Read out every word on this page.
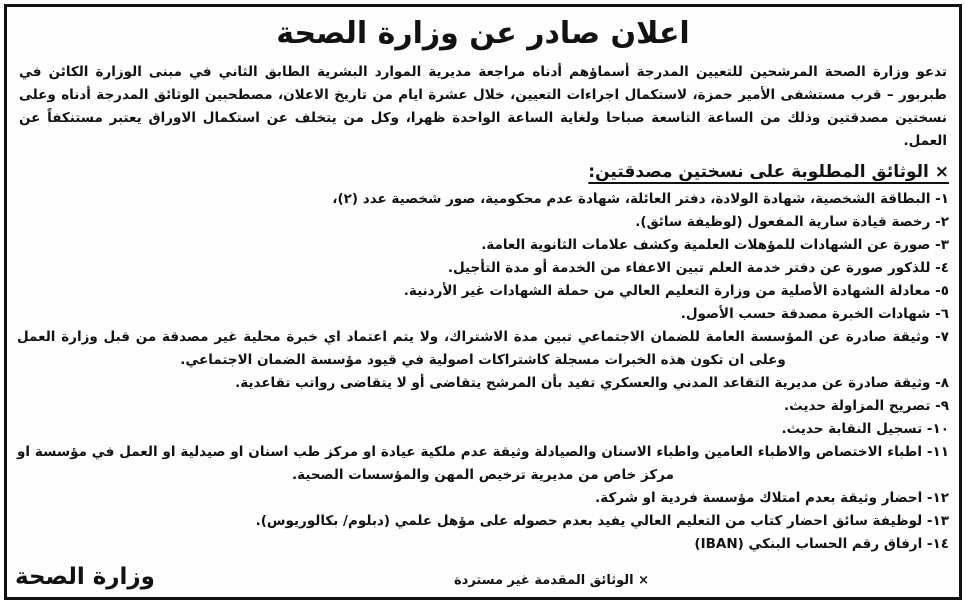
اعلان صادر عن وزارة الصحة

تدعو وزارة الصحة المرشحين للتعيين المدرجة أسماؤهم أدناه مراجعة مديرية الموارد البشرية الطابق الثاني في مبنى الوزارة الكائن في طبربور – قرب مستشفى الأمير حمزة، لاستكمال اجراءات التعيين، خلال عشرة ايام من تاريخ الاعلان، مصطحبين الوثائق المدرجة أدناه وعلى نسختين مصدقتين وذلك من الساعة التاسعة صباحا ولغاية الساعة الواحدة ظهرا، وكل من يتخلف عن استكمال الاوراق يعتبر مستنكفاً عن العمل.

× الوثائق المطلوبة على نسختين مصدقتين:
١- البطاقة الشخصية، شهادة الولادة، دفتر العائلة، شهادة عدم محكومية، صور شخصية عدد (٢)،
٢- رخصة قيادة سارية المفعول (لوظيفة سائق).
٣- صورة عن الشهادات للمؤهلات العلمية وكشف علامات الثانوية العامة.
٤- للذكور صورة عن دفتر خدمة العلم تبين الاعفاء من الخدمة أو مدة التأجيل.
٥- معادلة الشهادة الأصلية من وزارة التعليم العالي من حملة الشهادات غير الأردنية.
٦- شهادات الخبرة مصدقة حسب الأصول.
٧- وثيقة صادرة عن المؤسسة العامة للضمان الاجتماعي تبين مدة الاشتراك، ولا يتم اعتماد اي خبرة محلية غير مصدقة من قبل وزارة العمل وعلى ان تكون هذه الخبرات مسجلة كاشتراكات اصولية في قيود مؤسسة الضمان الاجتماعي.
٨- وثيقة صادرة عن مديرية التقاعد المدني والعسكري تفيد بأن المرشح يتقاضى أو لا يتقاضى رواتب تقاعدية.
٩- تصريح المزاولة حديث.
١٠- تسجيل النقابة حديث.
١١- اطباء الاختصاص والاطباء العامين واطباء الاسنان والصيادلة وثيقة عدم ملكية عيادة او مركز طب اسنان او صيدلية او العمل في مؤسسة او مركز خاص من مديرية ترخيص المهن والمؤسسات الصحية.
١٢- احضار وثيقة بعدم امتلاك مؤسسة فردية او شركة.
١٣- لوظيفة سائق احضار كتاب من التعليم العالي يفيد بعدم حصوله على مؤهل علمي (دبلوم/ بكالوريوس).
١٤- ارفاق رقم الحساب البنكي (IBAN)
× الوثائق المقدمة غير مستردة
وزارة الصحة
